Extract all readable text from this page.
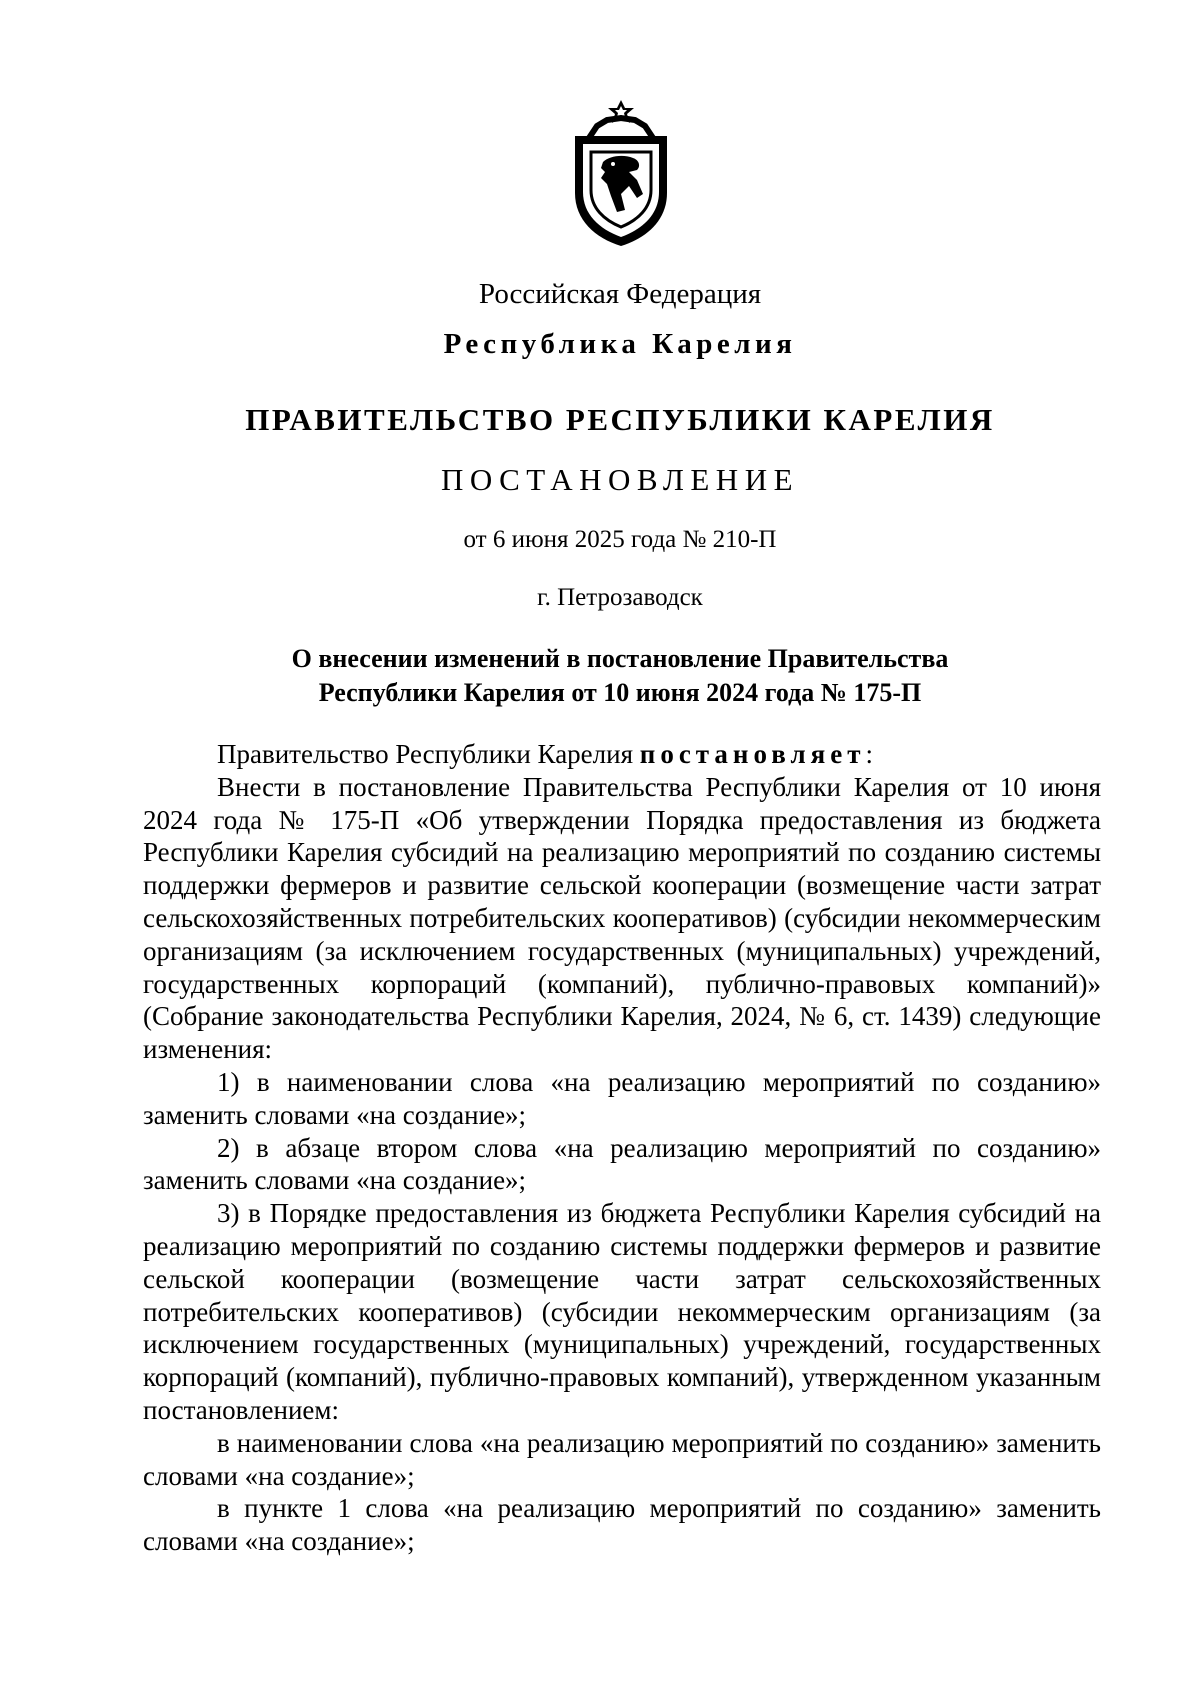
Российская Федерация
Республика Карелия
ПРАВИТЕЛЬСТВО РЕСПУБЛИКИ КАРЕЛИЯ
ПОСТАНОВЛЕНИЕ
от 6 июня 2025 года № 210-П
г. Петрозаводск
О внесении изменений в постановление Правительства
Республики Карелия от 10 июня 2024 года № 175-П

Правительство Республики Карелия постановляет:

Внести в постановление Правительства Республики Карелия от 10 июня 2024 года № 175-П «Об утверждении Порядка предоставления из бюджета Республики Карелия субсидий на реализацию мероприятий по созданию системы поддержки фермеров и развитие сельской кооперации (возмещение части затрат сельскохозяйственных потребительских кооперативов) (субсидии некоммерческим организациям (за исключением государственных (муниципальных) учреждений, государственных корпораций (компаний), публично-правовых компаний)» (Собрание законодательства Республики Карелия, 2024, № 6, ст. 1439) следующие изменения:

1) в наименовании слова «на реализацию мероприятий по созданию» заменить словами «на создание»;

2) в абзаце втором слова «на реализацию мероприятий по созданию» заменить словами «на создание»;

3) в Порядке предоставления из бюджета Республики Карелия субсидий на реализацию мероприятий по созданию системы поддержки фермеров и развитие сельской кооперации (возмещение части затрат сельскохозяйственных потребительских кооперативов) (субсидии некоммерческим организациям (за исключением государственных (муниципальных) учреждений, государственных корпораций (компаний), публично-правовых компаний), утвержденном указанным постановлением:

в наименовании слова «на реализацию мероприятий по созданию» заменить словами «на создание»;

в пункте 1 слова «на реализацию мероприятий по созданию» заменить словами «на создание»;
